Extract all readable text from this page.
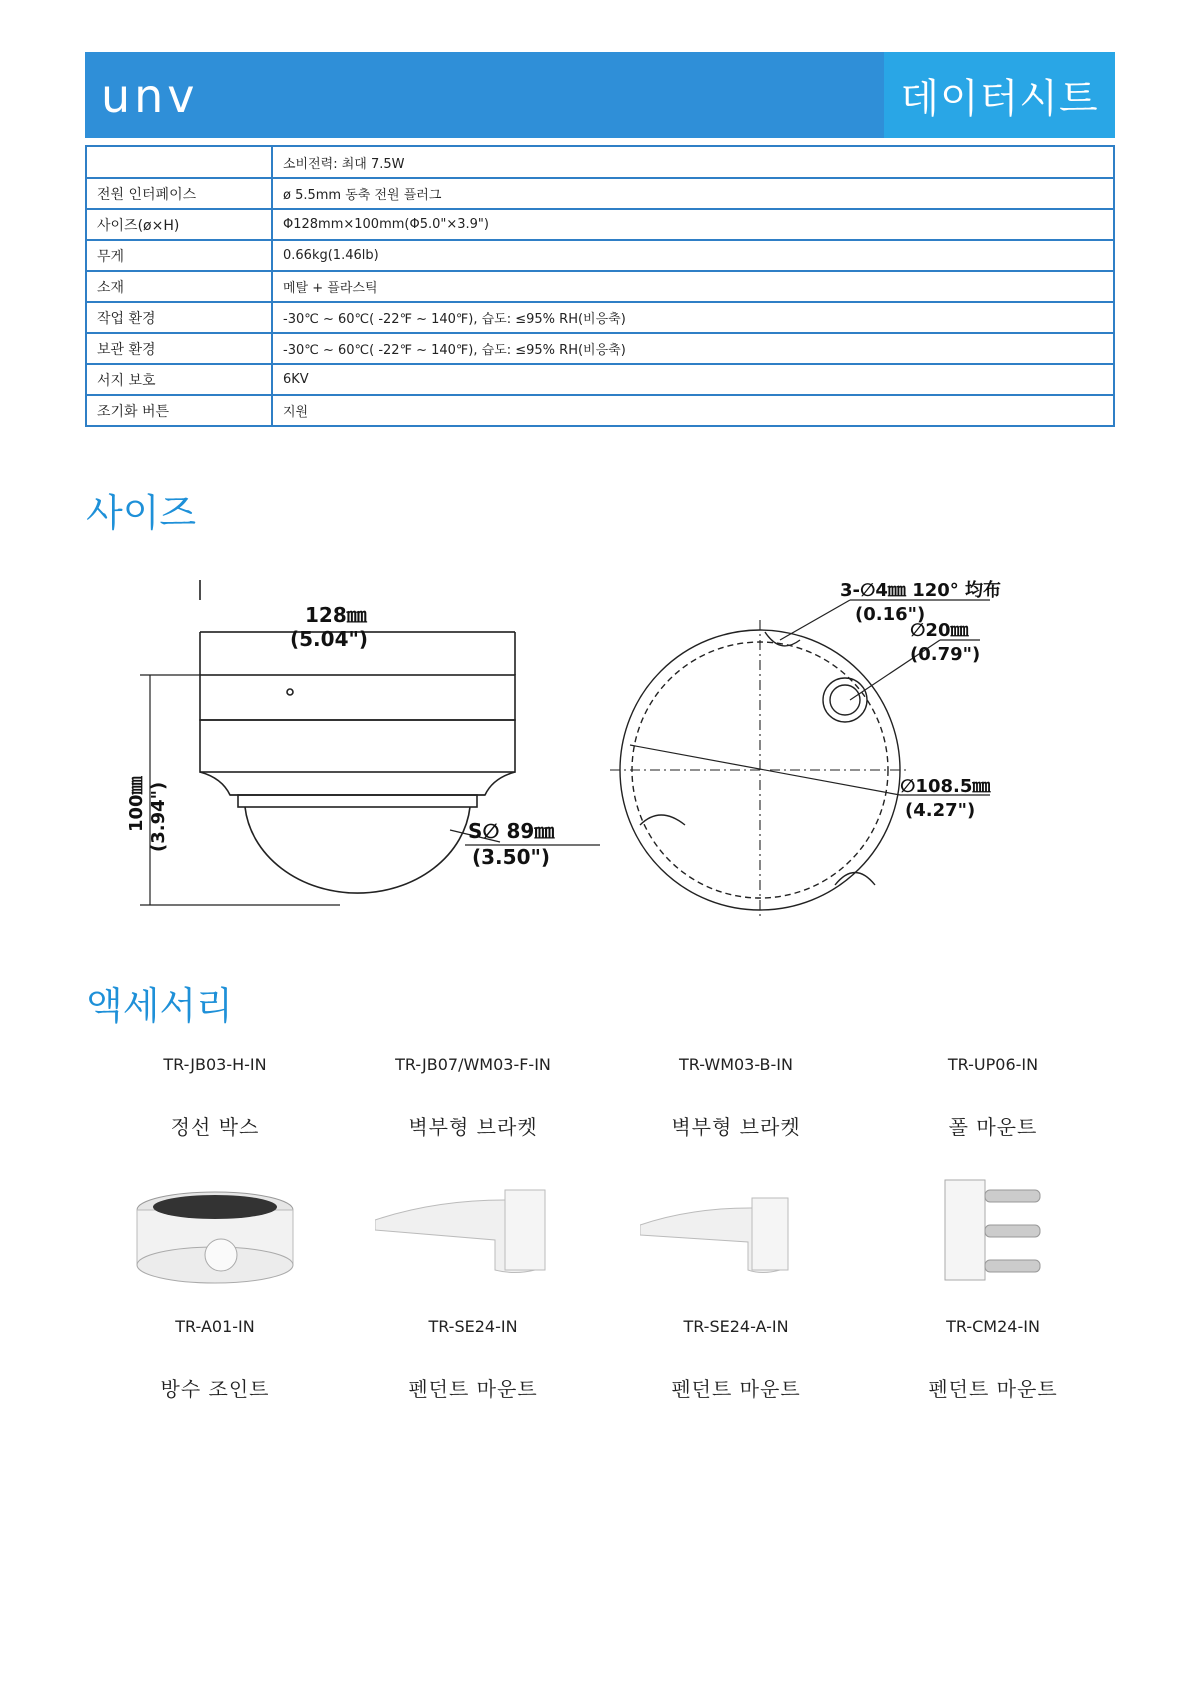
unv	데이터시트
	소비전력: 최대 7.5W
전원 인터페이스	ø 5.5mm 동축 전원 플러그
사이즈(ø×H)	Φ128mm×100mm(Φ5.0"×3.9")
무게	0.66kg(1.46lb)
소재	메탈 + 플라스틱
작업 환경	-30℃ ~ 60℃( -22℉ ~ 140℉), 습도: ≤95% RH(비응축)
보관 환경	-30℃ ~ 60℃( -22℉ ~ 140℉), 습도: ≤95% RH(비응축)
서지 보호	6KV
조기화 버튼	지원
사이즈
128㎜
(5.04")
100㎜ (3.94")	S∅ 89㎜
(3.50")
3-∅4㎜ 120° 均布
(0.16")
∅20㎜
(0.79")
∅108.5㎜
(4.27")
액세서리
TR-JB03-H-IN	TR-JB07/WM03-F-IN	TR-WM03-B-IN	TR-UP06-IN
정선 박스	벽부형 브라켓	벽부형 브라켓	폴 마운트
TR-A01-IN	TR-SE24-IN	TR-SE24-A-IN	TR-CM24-IN
방수 조인트	펜던트 마운트	펜던트 마운트	펜던트 마운트
